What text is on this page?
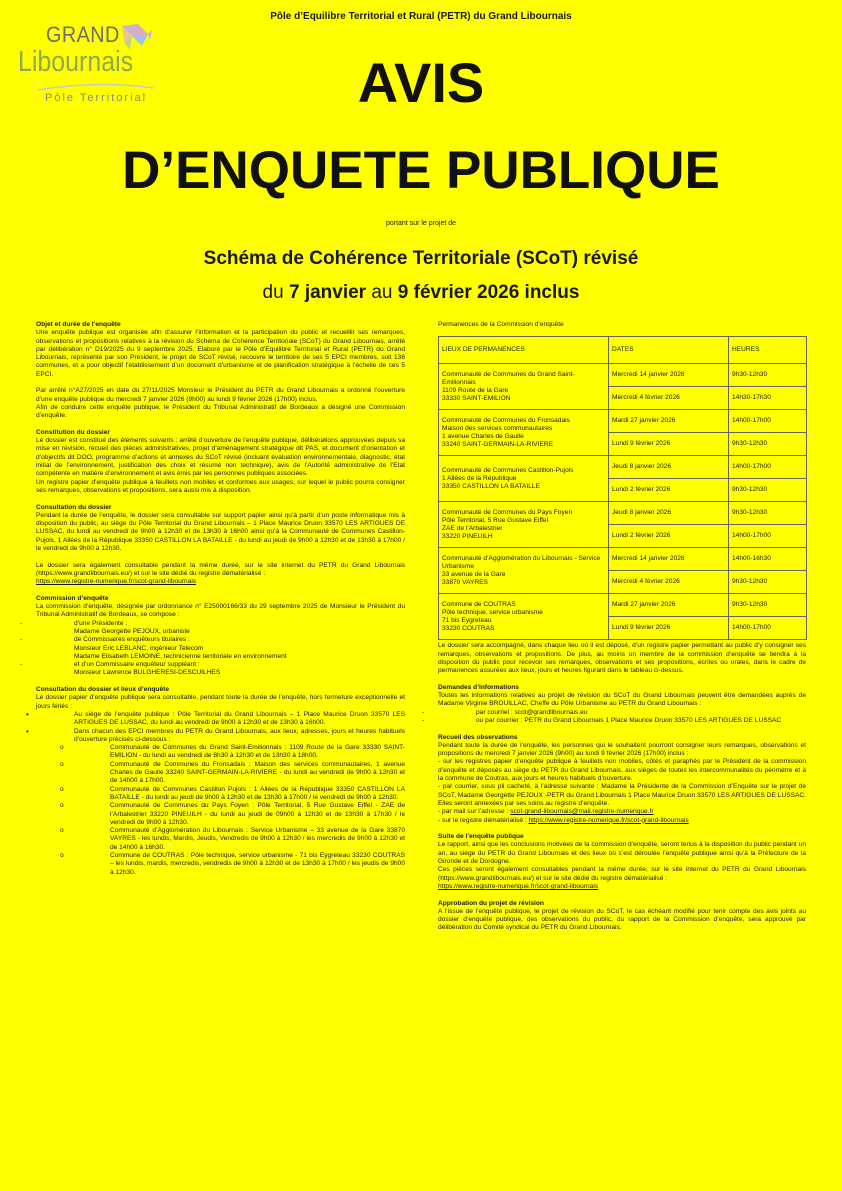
Pôle d’Equilibre Territorial et Rural (PETR) du Grand Libournais
GRAND
Libournais
Pôle Territorial	AVIS
D’ENQUETE PUBLIQUE
portant sur le projet de
Schéma de Cohérence Territoriale (SCoT) révisé
du 7 janvier au 9 février 2026 inclus

Objet et durée de l’enquête

Une enquête publique est organisée afin d’assurer l’information et la participation du public et recueillir ses remarques, observations et propositions relatives à la révision du Schéma de Cohérence Territoriale (SCoT) du Grand Libournais, arrêté par délibération n° D19/2025 du 9 septembre 2025. Elaboré par le Pôle d’Equilibre Territorial et Rural (PETR) du Grand Libournais, représenté par son Président, le projet de SCoT révisé, recouvre le territoire de ses 5 EPCI membres, soit 136 communes, et a pour objectif l’établissement d’un document d’urbanisme et de planification stratégique à l’échelle de ces 5 EPCI.

Par arrêté n°A27/2025 en date du 27/11/2025 Monsieur le Président du PETR du Grand Libournais a ordonné l’ouverture d’une enquête publique du mercredi 7 janvier 2026 (9h00) au lundi 9 février 2026 (17h00) inclus.

Afin de conduire cette enquête publique, le Président du Tribunal Administratif de Bordeaux a désigné une Commission d’enquête.

Constitution du dossier

Le dossier est constitué des éléments suivants : arrêté d’ouverture de l’enquête publique, délibérations approuvées depuis sa mise en révision, recueil des pièces administratives, projet d’aménagement stratégique dit PAS, et document d’orientation et d’objectifs dit DOO, programme d’actions et annexes du SCoT révisé (incluant évaluation environnementale, diagnostic, état initial de l’environnement, justification des choix et résumé non technique), avis de l’Autorité administrative de l’Etat compétente en matière d’environnement et avis émis par les personnes publiques associées.

Un registre papier d’enquête publique à feuillets non mobiles et conformes aux usages, sur lequel le public pourra consigner ses remarques, observations et propositions, sera aussi mis à disposition.

Consultation du dossier

Pendant la durée de l’enquête, le dossier sera consultable sur support papier ainsi qu’à partir d’un poste informatique mis à disposition du public, au siège du Pôle Territorial du Grand Libournais – 1 Place Maurice Druon 33570 LES ARTIGUES DE LUSSAC, du lundi au vendredi de 9h00 à 12h30 et de 13h30 à 16h00 ainsi qu’à la Communauté de Communes Castillon-Pujols, 1 Allées de la République 33350 CASTILLON LA BATAILLE - du lundi au jeudi de 9h00 à 12h30 et de 13h30 à 17h00 / le vendredi de 9h00 à 12h30.

Le dossier sera également consultable pendant la même durée, sur le site internet du PETR du Grand Libournais (https://www.grandlibournais.eu/) et sur le site dédié du registre dématérialisé :

https://www.registre-numerique.fr/scot-grand-libournais

Commission d’enquête

La commission d’enquête, désignée par ordonnance n° E25000166/33 du 29 septembre 2025 de Monsieur le Président du Tribunal Administratif de Bordeaux, se compose :

- d’une Présidente :

Madame Georgette PEJOUX, urbaniste

- de Commissaires enquêteurs titulaires :

Monsieur Eric LEBLANC, ingénieur Telecom

Madame Elisabeth LEMOINE, technicienne territoriale en environnement

- et d’un Commissaire enquêteur suppléant :

Monsieur Lawrence BULGHERESI-DESCUILHES

Consultation du dossier et lieux d’enquête

Le dossier papier d’enquête publique sera consultable, pendant toute la durée de l’enquête, hors fermeture exceptionnelle et jours fériés :

• Au siège de l’enquête publique : Pôle Territorial du Grand Libournais – 1 Place Maurice Druon 33570 LES ARTIGUES DE LUSSAC, du lundi au vendredi de 9h00 à 12h30 et de 13h30 à 16h00.

• Dans chacun des EPCI membres du PETR du Grand Libournais, aux lieux, adresses, jours et heures habituels d’ouverture précisés ci-dessous :

o Communauté de Communes du Grand Saint-Emilionnais : 1109 Route de la Gare 33330 SAINT-EMILION - du lundi au vendredi de 8h30 à 12h30 et de 13h30 à 18h00.

o Communauté de Communes du Fronsadais : Maison des services communautaires, 1 avenue Charles de Gaulle 33240 SAINT-GERMAIN-LA-RIVIERE - du lundi au vendredi de 9h00 à 12h30 et de 14h00 à 17h00.

o Communauté de Communes Castillon Pujols : 1 Allées de la République 33350 CASTILLON LA BATAILLE - du lundi au jeudi de 9h00 à 12h30 et de 13h30 à 17h00 / le vendredi de 9h00 à 12h30.

o Communauté de Communes du Pays Foyen : Pôle Territorial, 5 Rue Gustave Eiffel - ZAE de l’Arbalestrier 33220 PINEUILH - du lundi au jeudi de 09h00 à 12h30 et de 13h30 à 17h30 / le vendredi de 9h00 à 12h30.

o Communauté d’Agglomération du Libournais : Service Urbanisme – 33 avenue de la Gare 33870 VAYRES - les lundis, Mardis, Jeudis, Vendredis de 9h00 à 12h30 / les mercredis de 9h00 à 12h30 et de 14h00 à 16h30.

o Commune de COUTRAS : Pôle technique, service urbanisme - 71 bis Eygreteau 33230 COUTRAS – les lundis, mardis, mercredis, vendredis de 9h00 à 12h30 et de 13h30 à 17h00 / les jeudis de 9h00 à 12h30.

Permanences de la Commission d’enquête

LIEUX DE PERMANENCES	DATES	HEURES

Communauté de Communes du Grand Saint-Emilionnais
1109 Route de la Gare
33330 SAINT-EMILION	Mercredi 14 janvier 2026	9h30-12h30
	Mercredi 4 février 2026	14h30-17h30

Communauté de Communes du Fronsadais
Maison des services communautaires
1 avenue Charles de Gaulle
33240 SAINT-GERMAIN-LA-RIVIERE	Mardi 27 janvier 2026	14h00-17h00
	Lundi 9 février 2026	9h30-12h30

Communauté de Communes Castillon-Pujols
1 Allées de la République
33350 CASTILLON LA BATAILLE	Jeudi 8 janvier 2026	14h00-17h00
	Lundi 2 février 2026	9h30-12h30

Communauté de Communes du Pays Foyen
Pôle Territorial, 5 Rue Gustave Eiffel
ZAE de l’Arbalestrier
33220 PINEUILH	Jeudi 8 janvier 2026	9h30-12h30
	Lundi 2 février 2026	14h00-17h00

Communauté d’Agglomération du Libournais - Service Urbanisme
33 avenue de la Gare
33870 VAYRES	Mercredi 14 janvier 2026	14h00-16h30
	Mercredi 4 février 2026	9h30-12h30

Commune de COUTRAS
Pôle technique, service urbanisme
71 bis Eygreteau
33230 COUTRAS	Mardi 27 janvier 2026	9h30-12h30
	Lundi 9 février 2026	14h00-17h00

Le dossier sera accompagné, dans chaque lieu où il est déposé, d’un registre papier permettant au public d’y consigner ses remarques, observations et propositions. De plus, au moins un membre de la commission d’enquête se tiendra à la disposition du public pour recevoir ses remarques, observations et ses propositions, écrites ou orales, dans le cadre de permanences assurées aux lieux, jours et heures figurant dans le tableau ci-dessus.

Demandes d’informations

Toutes les informations relatives au projet de révision du SCoT du Grand Libournais peuvent être demandées auprès de Madame Virginie BROUILLAC, Cheffe du Pôle Urbanisme au PETR du Grand Libournais :

- par courriel : scot@grandlibournais.eu

- ou par courrier : PETR du Grand Libournais 1 Place Maurice Druon 33570 LES ARTIGUES DE LUSSAC

Recueil des observations

Pendant toute la durée de l’enquête, les personnes qui le souhaitent pourront consigner leurs remarques, observations et propositions du mercredi 7 janvier 2026 (9h00) au lundi 9 février 2026 (17h00) inclus :

- sur les registres papier d’enquête publique à feuillets non mobiles, côtés et paraphés par le Président de la commission d’enquête et déposés au siège du PETR du Grand Libournais, aux sièges de toutes les intercommunalités du périmètre et à la commune de Coutras, aux jours et heures habituels d’ouverture.

- par courrier, sous pli cacheté, à l’adresse suivante : Madame la Présidente de la Commission d’Enquête sur le projet de SCoT, Madame Georgette PEJOUX -PETR du Grand Libournais 1 Place Maurice Druon 33570 LES ARTIGUES DE LUSSAC. Elles seront annexées par ses soins au registre d’enquête.

- par mail sur l’adresse : scot-grand-libournais@mail.registre-numerique.fr

- sur le registre dématérialisé : https://www.registre-numerique.fr/scot-grand-libournais

Suite de l’enquête publique

Le rapport, ainsi que les conclusions motivées de la commission d’enquête, seront tenus à la disposition du public pendant un an, au siège du PETR du Grand Libournais et des lieux où s’est déroulée l’enquête publique ainsi qu’à la Préfecture de la Gironde et de Dordogne.

Ces pièces seront également consultables pendant la même durée, sur le site internet du PETR du Grand Libournais (https://www.grandlibournais.eu/) et sur le site dédié du registre dématérialisé :

https://www.registre-numerique.fr/scot-grand-libournais

Approbation du projet de révision

A l’issue de l’enquête publique, le projet de révision du SCoT, le cas échéant modifié pour tenir compte des avis joints au dossier d’enquête publique, des observations du public, du rapport de la Commission d’enquête, sera approuvé par délibération du Comité syndical du PETR du Grand Libournais.
